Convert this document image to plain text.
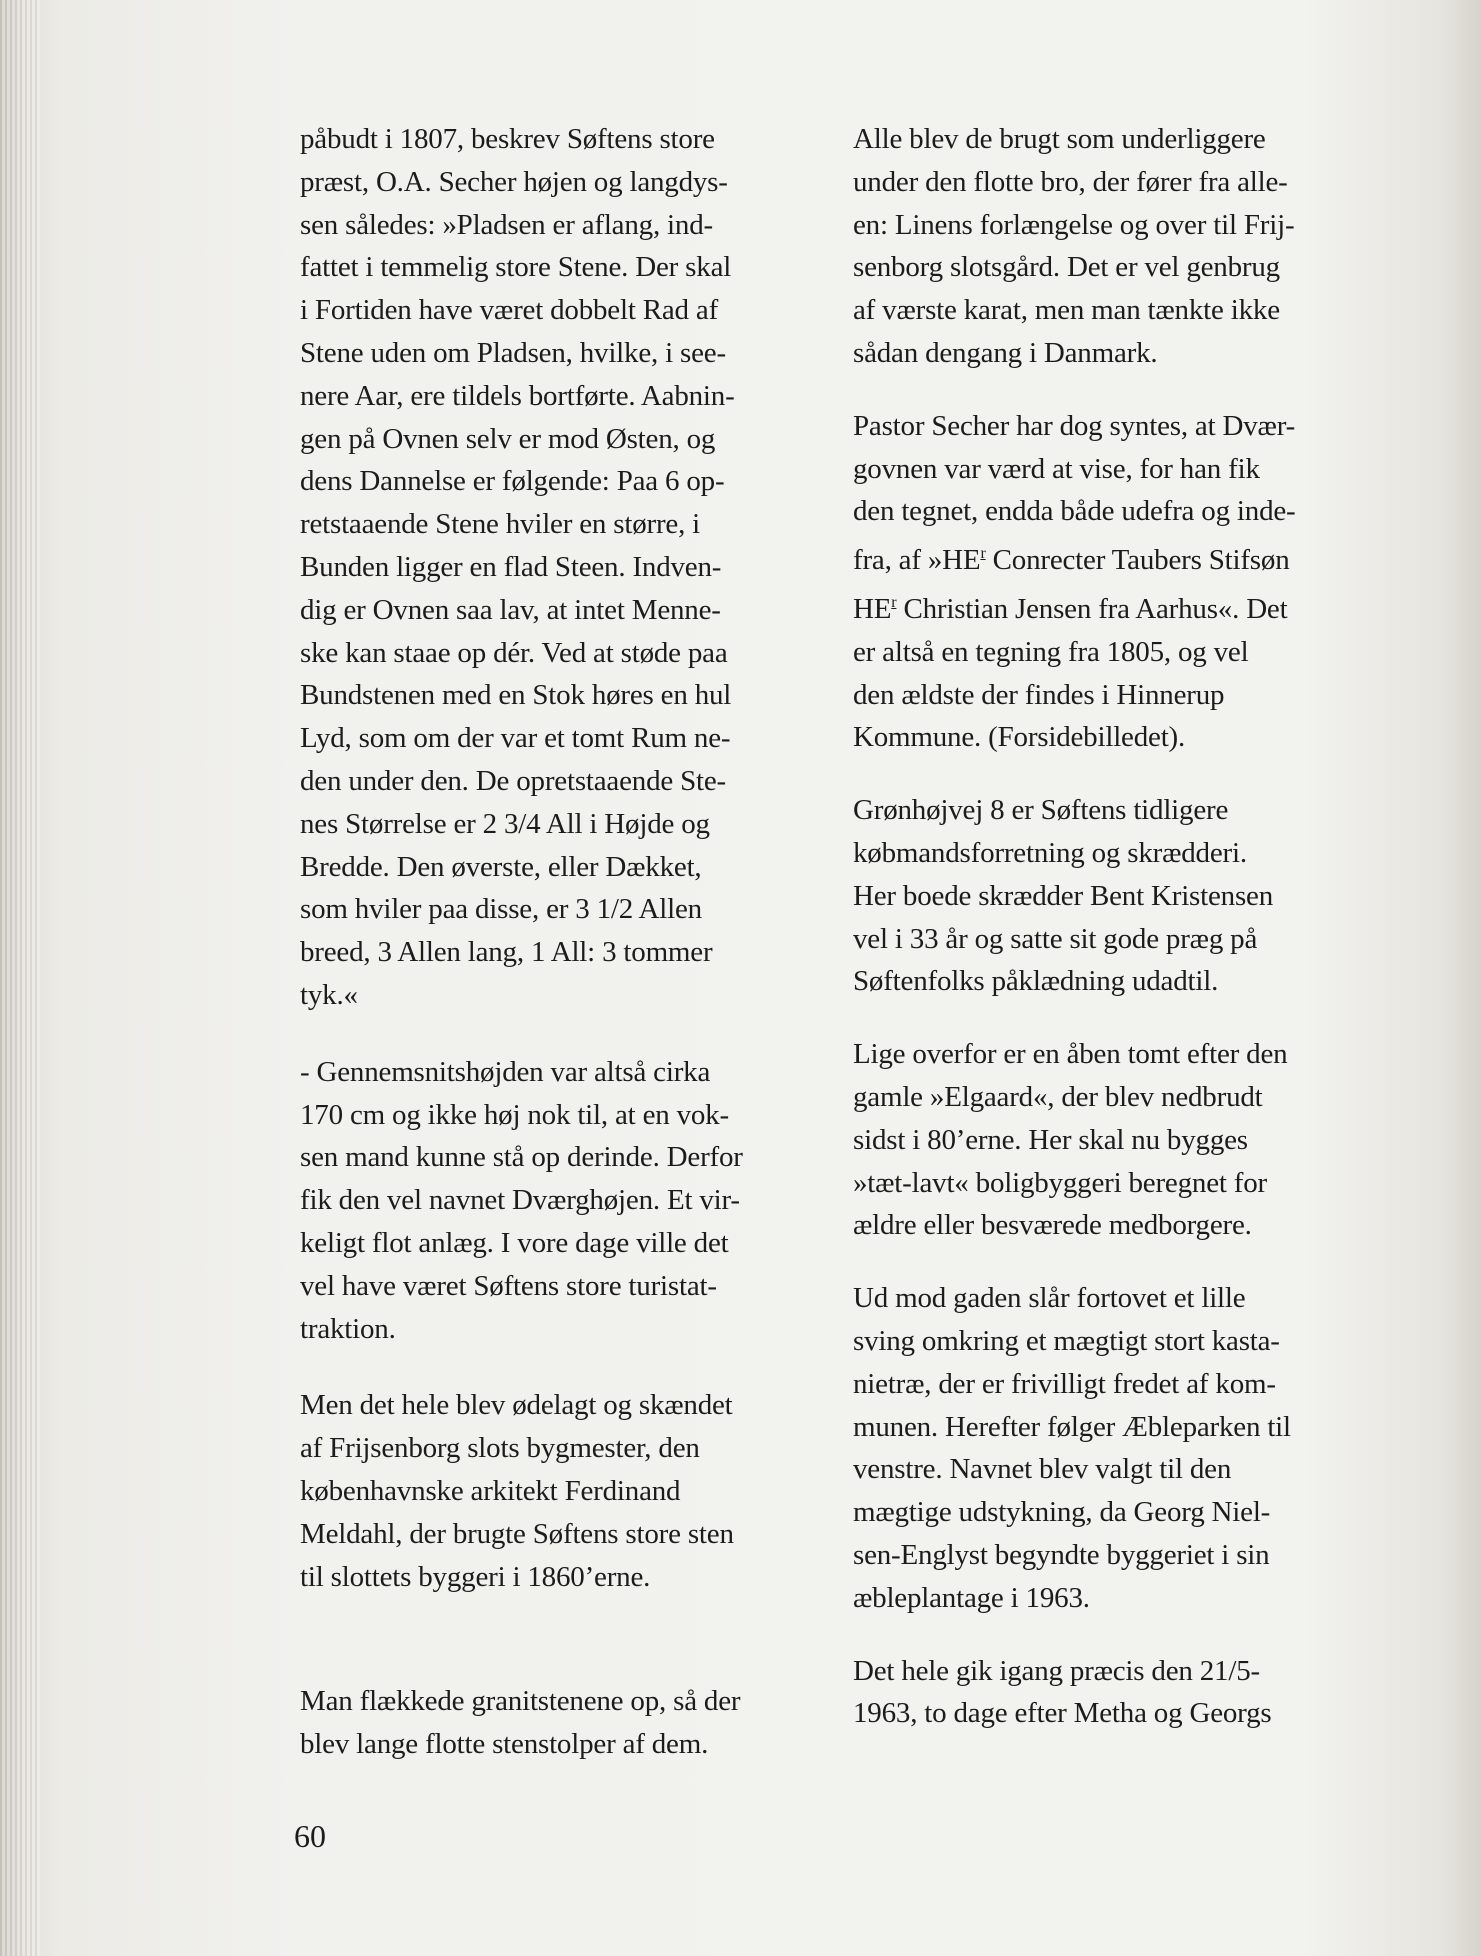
påbudt i 1807, beskrev Søftens store
præst, O.A. Secher højen og langdys-
sen således: »Pladsen er aflang, ind-
fattet i temmelig store Stene. Der skal
i Fortiden have været dobbelt Rad af
Stene uden om Pladsen, hvilke, i see-
nere Aar, ere tildels bortførte. Aabnin-
gen på Ovnen selv er mod Østen, og
dens Dannelse er følgende: Paa 6 op-
retstaaende Stene hviler en større, i
Bunden ligger en flad Steen. Indven-
dig er Ovnen saa lav, at intet Menne-
ske kan staae op dér. Ved at støde paa
Bundstenen med en Stok høres en hul
Lyd, som om der var et tomt Rum ne-
den under den. De opretstaaende Ste-
nes Størrelse er 2 3/4 All i Højde og
Bredde. Den øverste, eller Dækket,
som hviler paa disse, er 3 1/2 Allen
breed, 3 Allen lang, 1 All: 3 tommer
tyk.«

- Gennemsnitshøjden var altså cirka
170 cm og ikke høj nok til, at en vok-
sen mand kunne stå op derinde. Derfor
fik den vel navnet Dværghøjen. Et vir-
keligt flot anlæg. I vore dage ville det
vel have været Søftens store turistat-
traktion.

Men det hele blev ødelagt og skændet
af Frijsenborg slots bygmester, den
københavnske arkitekt Ferdinand
Meldahl, der brugte Søftens store sten
til slottets byggeri i 1860’erne.

Man flækkede granitstenene op, så der
blev lange flotte stenstolper af dem.

Alle blev de brugt som underliggere
under den flotte bro, der fører fra alle-
en: Linens forlængelse og over til Frij-
senborg slotsgård. Det er vel genbrug
af værste karat, men man tænkte ikke
sådan dengang i Danmark.

Pastor Secher har dog syntes, at Dvær-
govnen var værd at vise, for han fik
den tegnet, endda både udefra og inde-
fra, af $»HE^r$ Conrecter Taubers Stifsøn
$HE^r$ Christian Jensen fra Aarhus«. Det
er altså en tegning fra 1805, og vel
den ældste der findes i Hinnerup
Kommune. (Forsidebilledet).

Grønhøjvej 8 er Søftens tidligere
købmandsforretning og skrædderi.
Her boede skrædder Bent Kristensen
vel i 33 år og satte sit gode præg på
Søftenfolks påklædning udadtil.

Lige overfor er en åben tomt efter den
gamle »Elgaard«, der blev nedbrudt
sidst i 80’erne. Her skal nu bygges
»tæt-lavt« boligbyggeri beregnet for
ældre eller besværede medborgere.

Ud mod gaden slår fortovet et lille
sving omkring et mægtigt stort kasta-
nietræ, der er frivilligt fredet af kom-
munen. Herefter følger Æbleparken til
venstre. Navnet blev valgt til den
mægtige udstykning, da Georg Niel-
sen-Englyst begyndte byggeriet i sin
æbleplantage i 1963.

Det hele gik igang præcis den 21/5-
1963, to dage efter Metha og Georgs

60
